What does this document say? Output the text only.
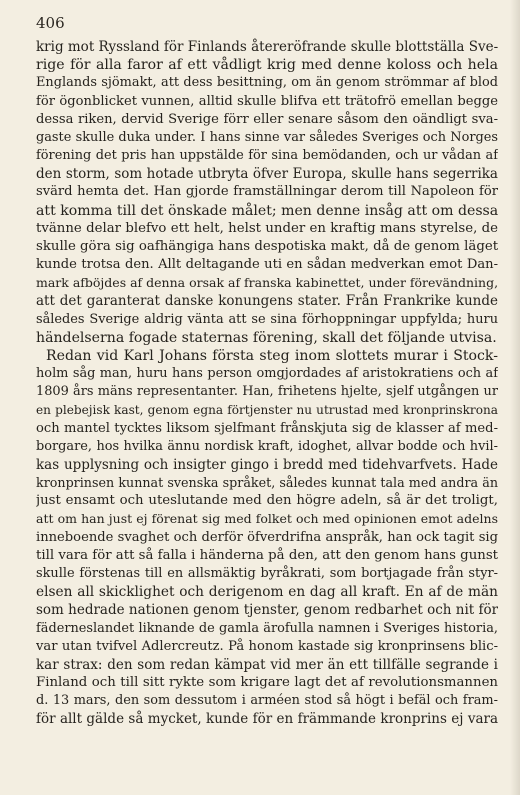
406
krig mot Ryssland för Finlands återeröfrande skulle blottställa Sve-
rige för alla faror af ett vådligt krig med denne koloss och hela
Englands sjömakt, att dess besittning, om än genom strömmar af blod
för ögonblicket vunnen, alltid skulle blifva ett trätofrö emellan begge
dessa riken, dervid Sverige förr eller senare såsom den oändligt sva-
gaste skulle duka under. I hans sinne var således Sveriges och Norges
förening det pris han uppstälde för sina bemödanden, och ur vådan af
den storm, som hotade utbryta öfver Europa, skulle hans segerrika
svärd hemta det. Han gjorde framställningar derom till Napoleon för
att komma till det önskade målet; men denne insåg att om dessa
tvänne delar blefvo ett helt, helst under en kraftig mans styrelse, de
skulle göra sig oafhängiga hans despotiska makt, då de genom läget
kunde trotsa den. Allt deltagande uti en sådan medverkan emot Dan-
mark afböjdes af denna orsak af franska kabinettet, under förevändning,
att det garanterat danske konungens stater. Från Frankrike kunde
således Sverige aldrig vänta att se sina förhoppningar uppfylda; huru
händelserna fogade staternas förening, skall det följande utvisa.
Redan vid Karl Johans första steg inom slottets murar i Stock-
holm såg man, huru hans person omgjordades af aristokratiens och af
1809 års mäns representanter. Han, frihetens hjelte, sjelf utgången ur
en plebejisk kast, genom egna förtjenster nu utrustad med kronprinskrona
och mantel tycktes liksom sjelfmant frånskjuta sig de klasser af med-
borgare, hos hvilka ännu nordisk kraft, idoghet, allvar bodde och hvil-
kas upplysning och insigter gingo i bredd med tidehvarfvets. Hade
kronprinsen kunnat svenska språket, således kunnat tala med andra än
just ensamt och uteslutande med den högre adeln, så är det troligt,
att om han just ej förenat sig med folket och med opinionen emot adelns
inneboende svaghet och derför öfverdrifna anspråk, han ock tagit sig
till vara för att så falla i händerna på den, att den genom hans gunst
skulle förstenas till en allsmäktig byråkrati, som bortjagade från styr-
elsen all skicklighet och derigenom en dag all kraft. En af de män
som hedrade nationen genom tjenster, genom redbarhet och nit för
fäderneslandet liknande de gamla ärofulla namnen i Sveriges historia,
var utan tvifvel Adlercreutz. På honom kastade sig kronprinsens blic-
kar strax: den som redan kämpat vid mer än ett tillfälle segrande i
Finland och till sitt rykte som krigare lagt det af revolutionsmannen
d. 13 mars, den som dessutom i arméen stod så högt i befäl och fram-
för allt gälde så mycket, kunde för en främmande kronprins ej vara
